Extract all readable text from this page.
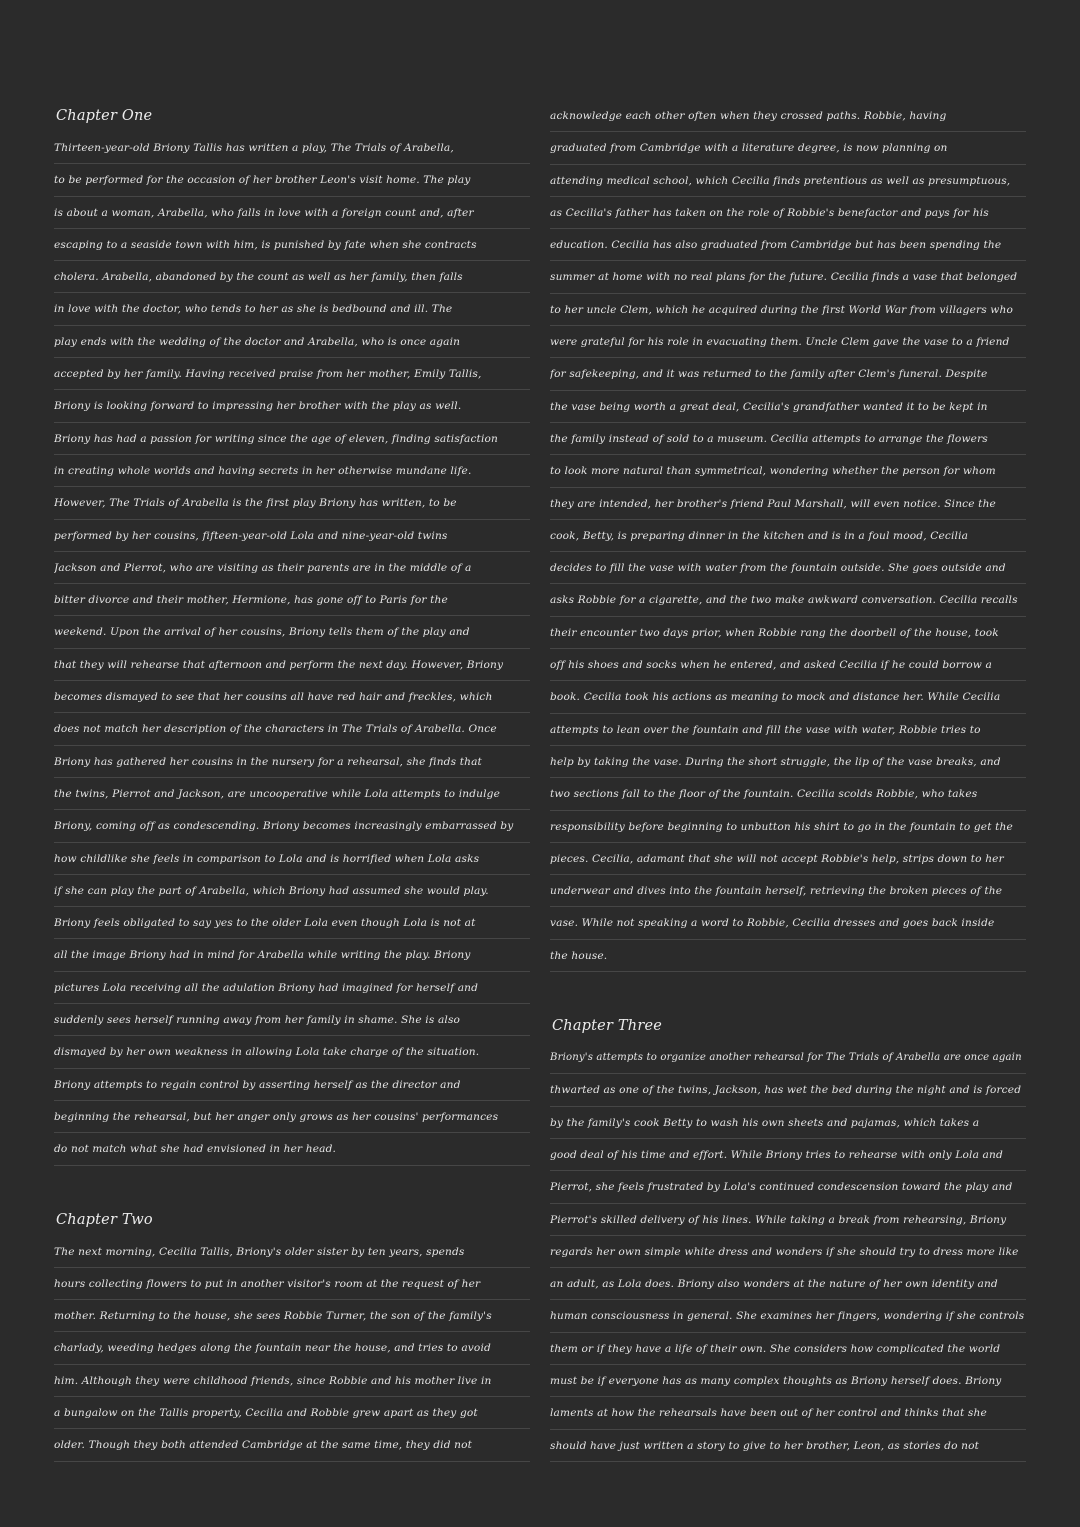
Chapter One
Thirteen-year-old Briony Tallis has written a play, The Trials of Arabella,
to be performed for the occasion of her brother Leon's visit home. The play
is about a woman, Arabella, who falls in love with a foreign count and, after
escaping to a seaside town with him, is punished by fate when she contracts
cholera. Arabella, abandoned by the count as well as her family, then falls
in love with the doctor, who tends to her as she is bedbound and ill. The
play ends with the wedding of the doctor and Arabella, who is once again
accepted by her family. Having received praise from her mother, Emily Tallis,
Briony is looking forward to impressing her brother with the play as well.
Briony has had a passion for writing since the age of eleven, finding satisfaction
in creating whole worlds and having secrets in her otherwise mundane life.
However, The Trials of Arabella is the first play Briony has written, to be
performed by her cousins, fifteen-year-old Lola and nine-year-old twins
Jackson and Pierrot, who are visiting as their parents are in the middle of a
bitter divorce and their mother, Hermione, has gone off to Paris for the
weekend. Upon the arrival of her cousins, Briony tells them of the play and
that they will rehearse that afternoon and perform the next day. However, Briony
becomes dismayed to see that her cousins all have red hair and freckles, which
does not match her description of the characters in The Trials of Arabella. Once
Briony has gathered her cousins in the nursery for a rehearsal, she finds that
the twins, Pierrot and Jackson, are uncooperative while Lola attempts to indulge
Briony, coming off as condescending. Briony becomes increasingly embarrassed by
how childlike she feels in comparison to Lola and is horrified when Lola asks
if she can play the part of Arabella, which Briony had assumed she would play.
Briony feels obligated to say yes to the older Lola even though Lola is not at
all the image Briony had in mind for Arabella while writing the play. Briony
pictures Lola receiving all the adulation Briony had imagined for herself and
suddenly sees herself running away from her family in shame. She is also
dismayed by her own weakness in allowing Lola take charge of the situation.
Briony attempts to regain control by asserting herself as the director and
beginning the rehearsal, but her anger only grows as her cousins' performances
do not match what she had envisioned in her head.
Chapter Two
The next morning, Cecilia Tallis, Briony's older sister by ten years, spends
hours collecting flowers to put in another visitor's room at the request of her
mother. Returning to the house, she sees Robbie Turner, the son of the family's
charlady, weeding hedges along the fountain near the house, and tries to avoid
him. Although they were childhood friends, since Robbie and his mother live in
a bungalow on the Tallis property, Cecilia and Robbie grew apart as they got
older. Though they both attended Cambridge at the same time, they did not
acknowledge each other often when they crossed paths. Robbie, having
graduated from Cambridge with a literature degree, is now planning on
attending medical school, which Cecilia finds pretentious as well as presumptuous,
as Cecilia's father has taken on the role of Robbie's benefactor and pays for his
education. Cecilia has also graduated from Cambridge but has been spending the
summer at home with no real plans for the future. Cecilia finds a vase that belonged
to her uncle Clem, which he acquired during the first World War from villagers who
were grateful for his role in evacuating them. Uncle Clem gave the vase to a friend
for safekeeping, and it was returned to the family after Clem's funeral. Despite
the vase being worth a great deal, Cecilia's grandfather wanted it to be kept in
the family instead of sold to a museum. Cecilia attempts to arrange the flowers
to look more natural than symmetrical, wondering whether the person for whom
they are intended, her brother's friend Paul Marshall, will even notice. Since the
cook, Betty, is preparing dinner in the kitchen and is in a foul mood, Cecilia
decides to fill the vase with water from the fountain outside. She goes outside and
asks Robbie for a cigarette, and the two make awkward conversation. Cecilia recalls
their encounter two days prior, when Robbie rang the doorbell of the house, took
off his shoes and socks when he entered, and asked Cecilia if he could borrow a
book. Cecilia took his actions as meaning to mock and distance her. While Cecilia
attempts to lean over the fountain and fill the vase with water, Robbie tries to
help by taking the vase. During the short struggle, the lip of the vase breaks, and
two sections fall to the floor of the fountain. Cecilia scolds Robbie, who takes
responsibility before beginning to unbutton his shirt to go in the fountain to get the
pieces. Cecilia, adamant that she will not accept Robbie's help, strips down to her
underwear and dives into the fountain herself, retrieving the broken pieces of the
vase. While not speaking a word to Robbie, Cecilia dresses and goes back inside
the house.
Chapter Three
Briony's attempts to organize another rehearsal for The Trials of Arabella are once again
thwarted as one of the twins, Jackson, has wet the bed during the night and is forced
by the family's cook Betty to wash his own sheets and pajamas, which takes a
good deal of his time and effort. While Briony tries to rehearse with only Lola and
Pierrot, she feels frustrated by Lola's continued condescension toward the play and
Pierrot's skilled delivery of his lines. While taking a break from rehearsing, Briony
regards her own simple white dress and wonders if she should try to dress more like
an adult, as Lola does. Briony also wonders at the nature of her own identity and
human consciousness in general. She examines her fingers, wondering if she controls
them or if they have a life of their own. She considers how complicated the world
must be if everyone has as many complex thoughts as Briony herself does. Briony
laments at how the rehearsals have been out of her control and thinks that she
should have just written a story to give to her brother, Leon, as stories do not
